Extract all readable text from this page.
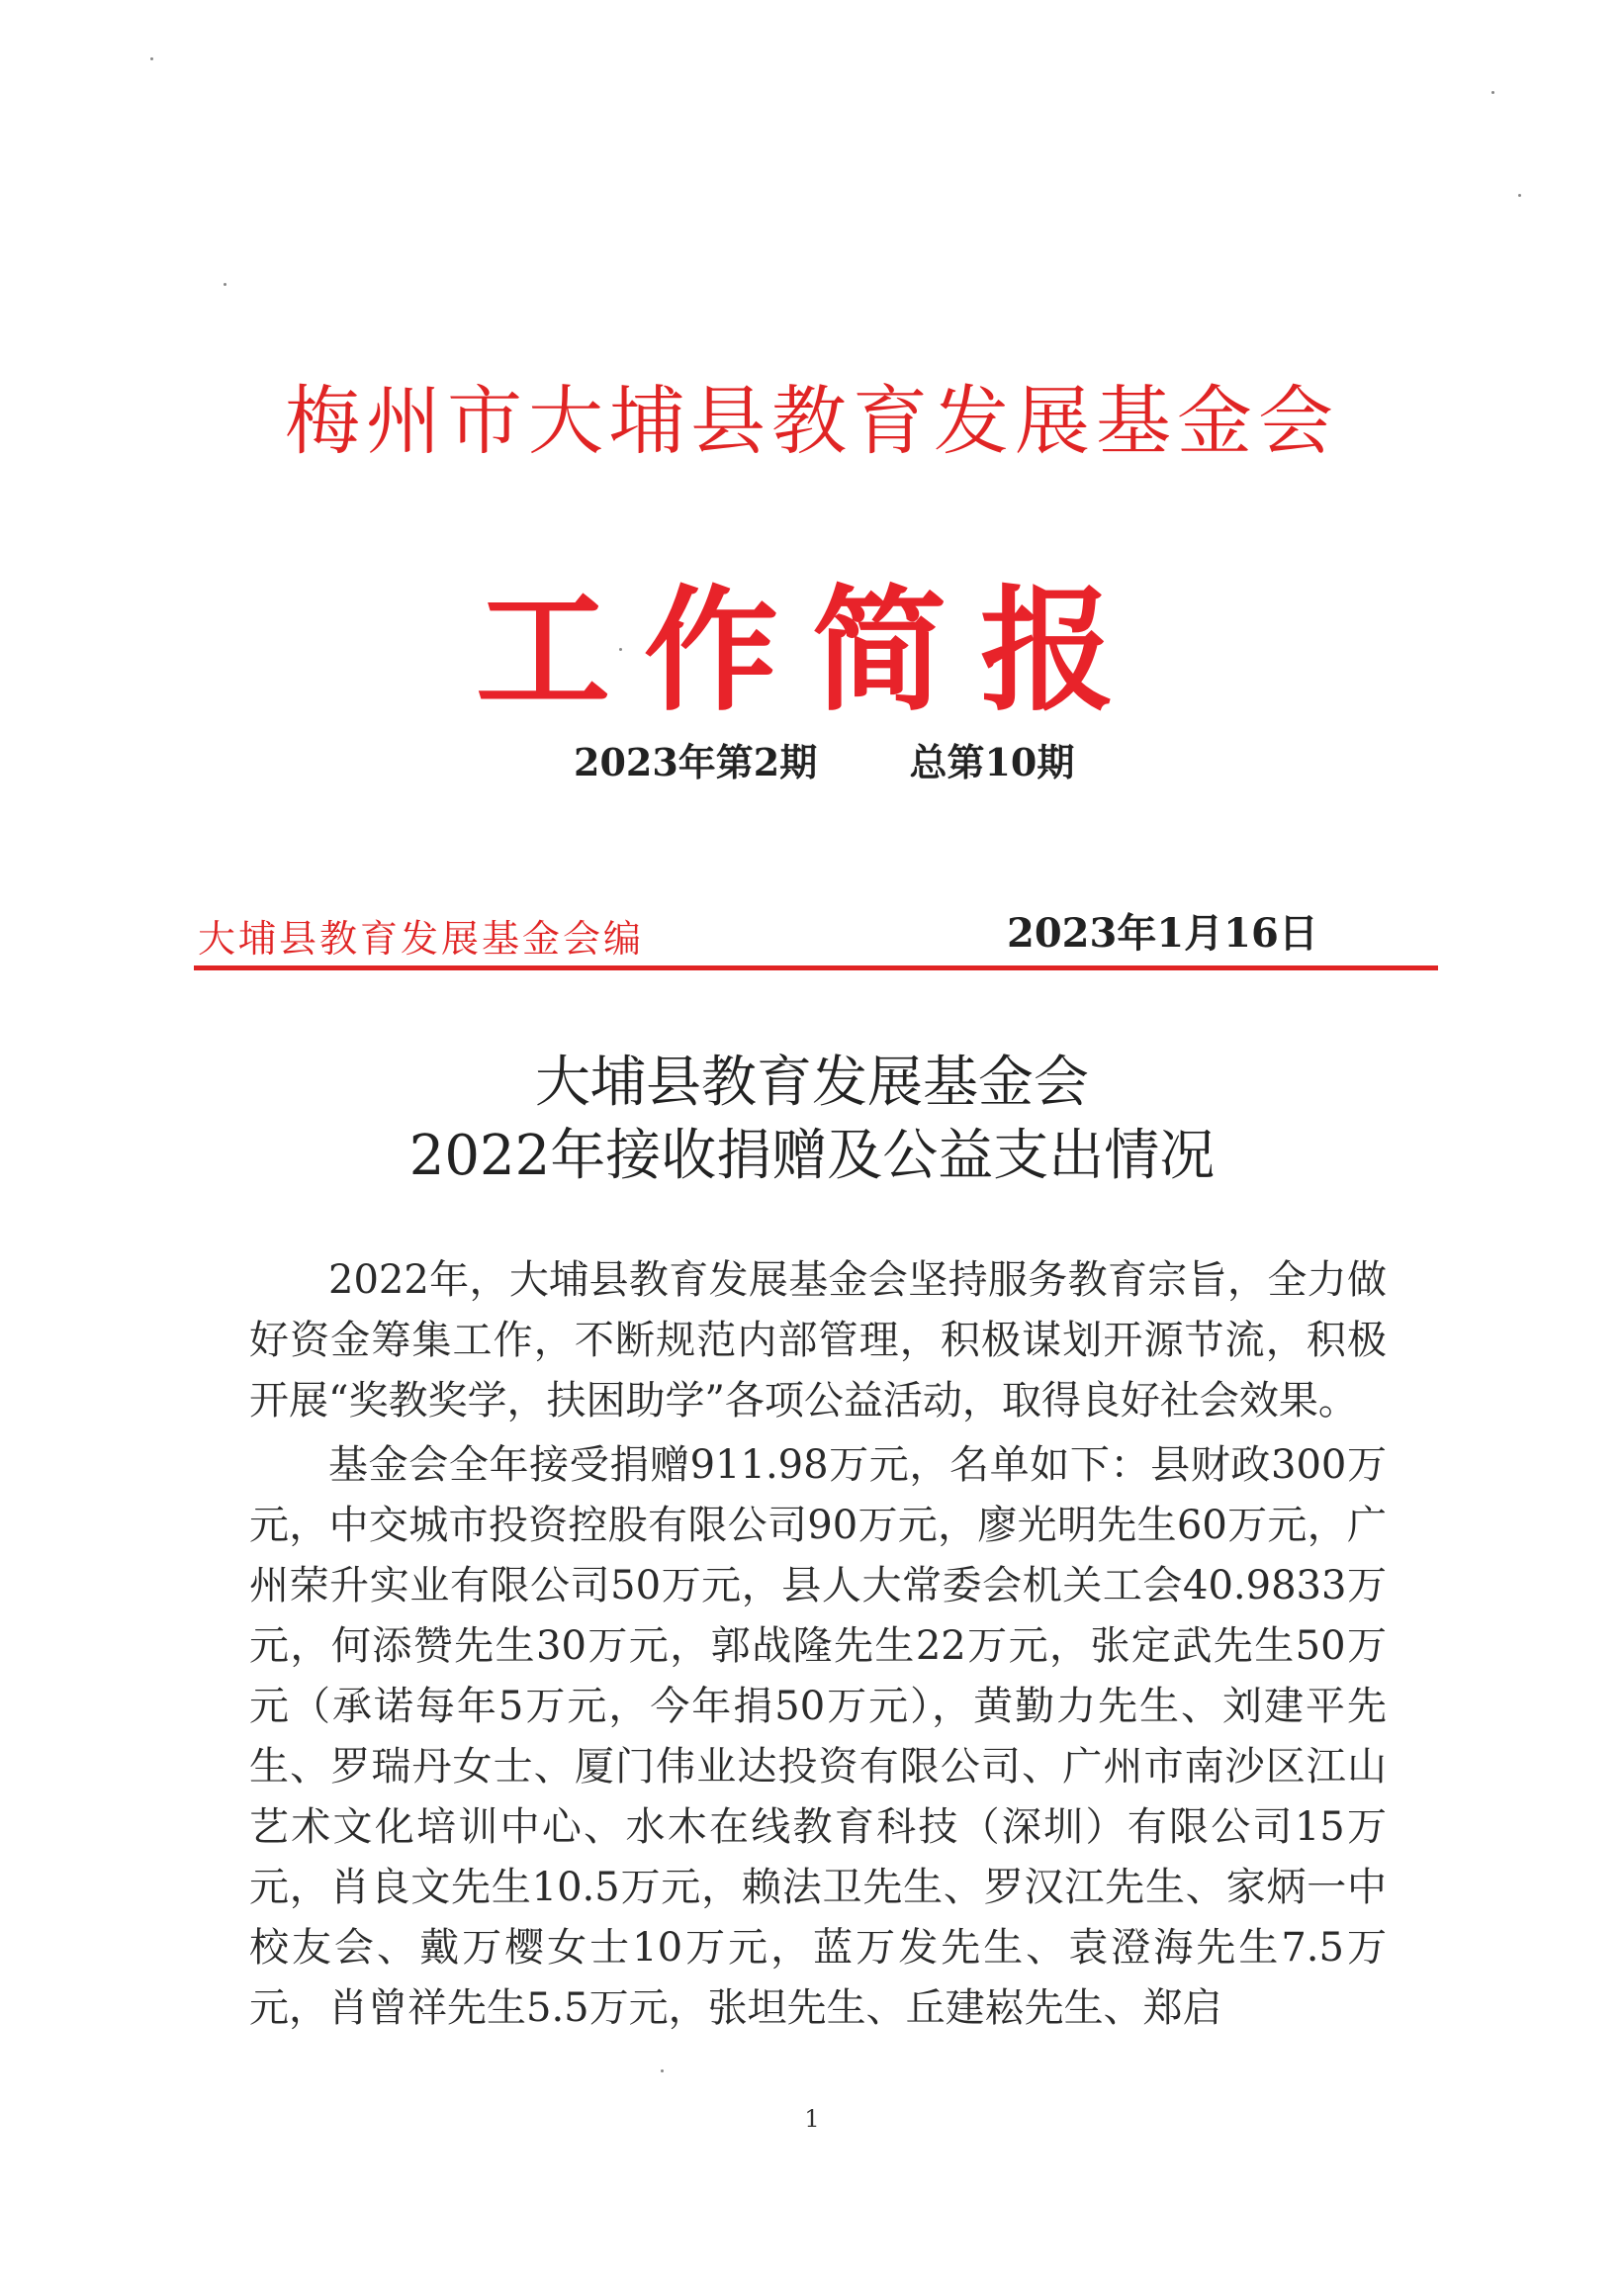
梅州市大埔县教育发展基金会
工作简报
2023年第2期 总第10期
大埔县教育发展基金会编	2023年1月16日
大埔县教育发展基金会
2022年接收捐赠及公益支出情况

2022年，大埔县教育发展基金会坚持服务教育宗旨，全力做好资金筹集工作，不断规范内部管理，积极谋划开源节流，积极开展“奖教奖学，扶困助学”各项公益活动，取得良好社会效果。

基金会全年接受捐赠911.98万元，名单如下：县财政300万元，中交城市投资控股有限公司90万元，廖光明先生60万元，广州荣升实业有限公司50万元，县人大常委会机关工会40.9833万元，何添赞先生30万元，郭战隆先生22万元，张定武先生50万元（承诺每年5万元，今年捐50万元），黄勤力先生、刘建平先生、罗瑞丹女士、厦门伟业达投资有限公司、广州市南沙区江山艺术文化培训中心、水木在线教育科技（深圳）有限公司15万元，肖良文先生10.5万元，赖法卫先生、罗汉江先生、家炳一中校友会、戴万樱女士10万元，蓝万发先生、袁澄海先生7.5万元，肖曾祥先生5.5万元，张坦先生、丘建崧先生、郑启

1
